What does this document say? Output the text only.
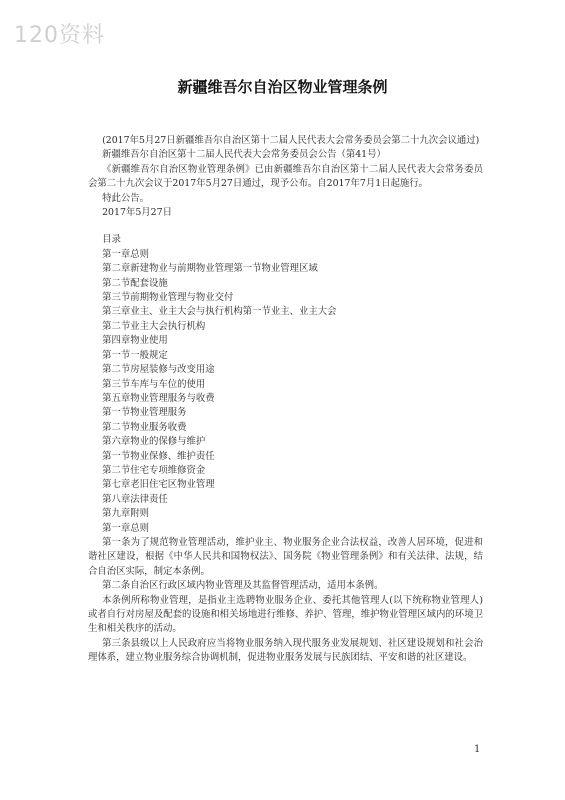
120资料
新疆维吾尔自治区物业管理条例

(2017年5月27日新疆维吾尔自治区第十二届人民代表大会常务委员会第二十九次会议通过)

新疆维吾尔自治区第十二届人民代表大会常务委员会公告（第41号）

《新疆维吾尔自治区物业管理条例》已由新疆维吾尔自治区第十二届人民代表大会常务委员会第二十九次会议于2017年5月27日通过，现予公布。自2017年7月1日起施行。

特此公告。

2017年5月27日

目录
第一章总则
第二章新建物业与前期物业管理第一节物业管理区域
第二节配套设施
第三节前期物业管理与物业交付
第三章业主、业主大会与执行机构第一节业主、业主大会
第二节业主大会执行机构
第四章物业使用
第一节一般规定
第二节房屋装修与改变用途
第三节车库与车位的使用
第五章物业管理服务与收费
第一节物业管理服务
第二节物业服务收费
第六章物业的保修与维护
第一节物业保修、维护责任
第二节住宅专项维修资金
第七章老旧住宅区物业管理
第八章法律责任
第九章附则
第一章总则

第一条为了规范物业管理活动，维护业主、物业服务企业合法权益，改善人居环境，促进和谐社区建设，根据《中华人民共和国物权法》、国务院《物业管理条例》和有关法律、法规，结合自治区实际，制定本条例。

第二条自治区行政区域内物业管理及其监督管理活动，适用本条例。

本条例所称物业管理，是指业主选聘物业服务企业、委托其他管理人(以下统称物业管理人)或者自行对房屋及配套的设施和相关场地进行维修、养护、管理，维护物业管理区域内的环境卫生和相关秩序的活动。

第三条县级以上人民政府应当将物业服务纳入现代服务业发展规划、社区建设规划和社会治理体系，建立物业服务综合协调机制，促进物业服务发展与民族团结、平安和谐的社区建设。

1
